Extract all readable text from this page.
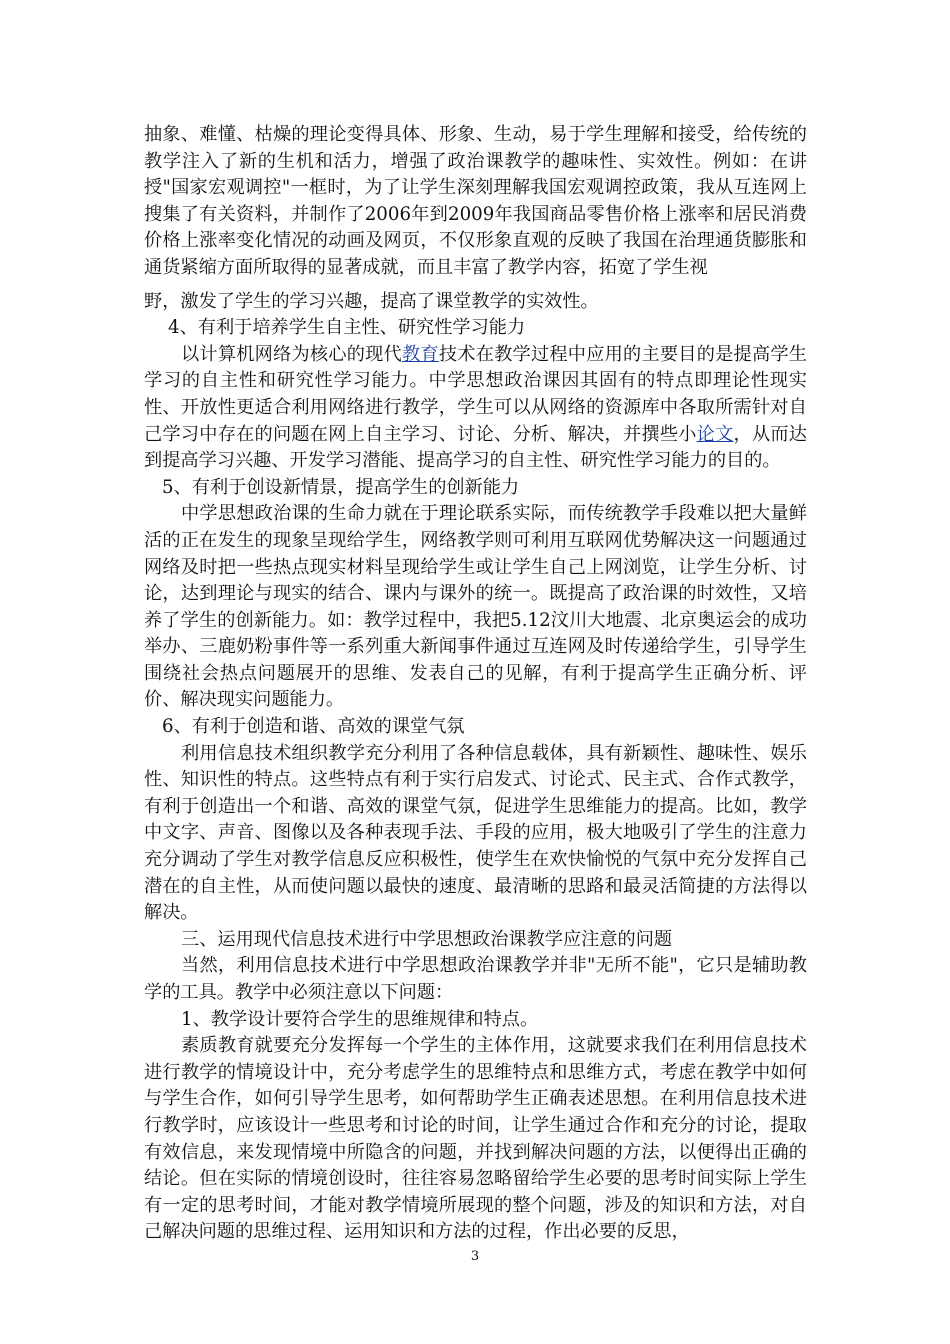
抽象、难懂、枯燥的理论变得具体、形象、生动，易于学生理解和接受，给传统的教学注入了新的生机和活力，增强了政治课教学的趣味性、实效性。例如：在讲授"国家宏观调控"一框时，为了让学生深刻理解我国宏观调控政策，我从互连网上搜集了有关资料，并制作了2006年到2009年我国商品零售价格上涨率和居民消费价格上涨率变化情况的动画及网页，不仅形象直观的反映了我国在治理通货膨胀和通货紧缩方面所取得的显著成就，而且丰富了教学内容，拓宽了学生视

野，激发了学生的学习兴趣，提高了课堂教学的实效性。

4、有利于培养学生自主性、研究性学习能力

以计算机网络为核心的现代教育技术在教学过程中应用的主要目的是提高学生学习的自主性和研究性学习能力。中学思想政治课因其固有的特点即理论性现实性、开放性更适合利用网络进行教学，学生可以从网络的资源库中各取所需针对自己学习中存在的问题在网上自主学习、讨论、分析、解决，并撰些小论文，从而达到提高学习兴趣、开发学习潜能、提高学习的自主性、研究性学习能力的目的。

5、有利于创设新情景，提高学生的创新能力

中学思想政治课的生命力就在于理论联系实际，而传统教学手段难以把大量鲜活的正在发生的现象呈现给学生，网络教学则可利用互联网优势解决这一问题通过网络及时把一些热点现实材料呈现给学生或让学生自己上网浏览，让学生分析、讨论，达到理论与现实的结合、课内与课外的统一。既提高了政治课的时效性，又培养了学生的创新能力。如：教学过程中，我把5.12汶川大地震、北京奥运会的成功举办、三鹿奶粉事件等一系列重大新闻事件通过互连网及时传递给学生，引导学生围绕社会热点问题展开的思维、发表自己的见解，有利于提高学生正确分析、评价、解决现实问题能力。

6、有利于创造和谐、高效的课堂气氛

利用信息技术组织教学充分利用了各种信息载体，具有新颖性、趣味性、娱乐性、知识性的特点。这些特点有利于实行启发式、讨论式、民主式、合作式教学，有利于创造出一个和谐、高效的课堂气氛，促进学生思维能力的提高。比如，教学中文字、声音、图像以及各种表现手法、手段的应用，极大地吸引了学生的注意力充分调动了学生对教学信息反应积极性，使学生在欢快愉悦的气氛中充分发挥自己潜在的自主性，从而使问题以最快的速度、最清晰的思路和最灵活简捷的方法得以解决。

三、运用现代信息技术进行中学思想政治课教学应注意的问题

当然，利用信息技术进行中学思想政治课教学并非"无所不能"，它只是辅助教学的工具。教学中必须注意以下问题：

1、教学设计要符合学生的思维规律和特点。

素质教育就要充分发挥每一个学生的主体作用，这就要求我们在利用信息技术进行教学的情境设计中，充分考虑学生的思维特点和思维方式，考虑在教学中如何与学生合作，如何引导学生思考，如何帮助学生正确表述思想。在利用信息技术进行教学时，应该设计一些思考和讨论的时间，让学生通过合作和充分的讨论，提取有效信息，来发现情境中所隐含的问题，并找到解决问题的方法，以便得出正确的结论。但在实际的情境创设时，往往容易忽略留给学生必要的思考时间实际上学生有一定的思考时间，才能对教学情境所展现的整个问题，涉及的知识和方法，对自己解决问题的思维过程、运用知识和方法的过程，作出必要的反思，

3
